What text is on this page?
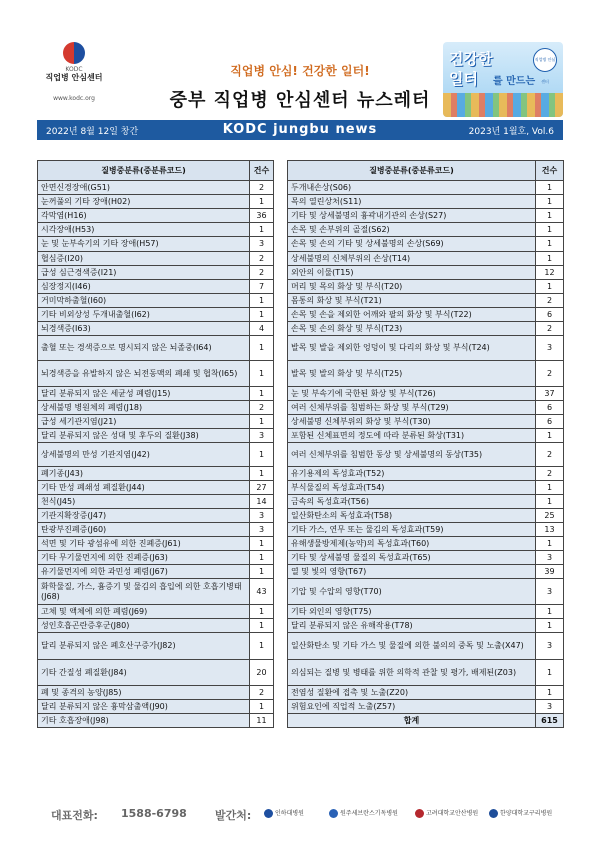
KODC
직업병 안심센터
www.kodc.org
직업병 안심! 건강한 일터!
중부 직업병 안심센터 뉴스레터
건강한
일터 를 만드는
직업병 안심센터
2022년 8월 12일 창간	KODC jungbu news	2023년 1월호, Vol.6
질병중분류(중분류코드)	건수		질병중분류(중분류코드)	건수
안면신경장애(G51)	2		두개내손상(S06)	1
눈꺼풀의 기타 장애(H02)	1		목의 열린상처(S11)	1
각막염(H16)	36		기타 및 상세불명의 흉곽내기관의 손상(S27)	1
시각장애(H53)	1		손목 및 손부위의 골절(S62)	1
눈 및 눈부속기의 기타 장애(H57)	3		손목 및 손의 기타 및 상세불명의 손상(S69)	1
협심증(I20)	2		상세불명의 신체부위의 손상(T14)	1
급성 심근경색증(I21)	2		외안의 이물(T15)	12
심장정지(I46)	7		머리 및 목의 화상 및 부식(T20)	1
거미막하출혈(I60)	1		몸통의 화상 및 부식(T21)	2
기타 비외상성 두개내출혈(I62)	1		손목 및 손을 제외한 어깨와 팔의 화상 및 부식(T22)	6
뇌경색증(I63)	4		손목 및 손의 화상 및 부식(T23)	2
출혈 또는 경색증으로 명시되지 않은 뇌졸중(I64)	1		발목 및 발을 제외한 엉덩이 및 다리의 화상 및 부식(T24)	3
뇌경색증을 유발하지 않은 뇌전동맥의 폐쇄 및 협착(I65)	1		발목 및 발의 화상 및 부식(T25)	2
달리 분류되지 않은 세균성 폐렴(J15)	1		눈 및 부속기에 국한된 화상 및 부식(T26)	37
상세불명 병원체의 폐렴(J18)	2		여러 신체부위를 침범하는 화상 및 부식(T29)	6
급성 세기관지염(J21)	1		상세불명 신체부위의 화상 및 부식(T30)	6
달리 분류되지 않은 성대 및 후두의 질환(J38)	3		포함된 신체표면의 정도에 따라 분류된 화상(T31)	1
상세불명의 만성 기관지염(J42)	1		여러 신체부위를 침범한 동상 및 상세불명의 동상(T35)	2
폐기종(J43)	1		유기용제의 독성효과(T52)	2
기타 만성 폐쇄성 폐질환(J44)	27		부식물질의 독성효과(T54)	1
천식(J45)	14		금속의 독성효과(T56)	1
기관지확장증(J47)	3		일산화탄소의 독성효과(T58)	25
탄광부진폐증(J60)	3		기타 가스, 연무 또는 물김의 독성효과(T59)	13
석면 및 기타 광섬유에 의한 진폐증(J61)	1		유해생물방제제(농약)의 독성효과(T60)	1
기타 무기물먼지에 의한 진폐증(J63)	1		기타 및 상세불명 물질의 독성효과(T65)	3
유기물먼지에 의한 과민성 폐렴(J67)	1		열 및 빛의 영향(T67)	39
화학물질, 가스, 흄증기 및 물김의 흡입에 의한 호흡기병태(J68)	43		기압 및 수압의 영향(T70)	3
고체 및 액체에 의한 폐렴(J69)	1		기타 외인의 영향(T75)	1
성인호흡곤란증후군(J80)	1		달리 분류되지 않은 유해작용(T78)	1
달리 분류되지 않은 폐호산구증가(J82)	1		일산화탄소 및 기타 가스 및 물질에 의한 불의의 중독 및 노출(X47)	3
기타 간질성 폐질환(J84)	20		의심되는 질병 및 병태를 위한 의학적 관찰 및 평가, 배제된(Z03)	1
폐 및 종격의 농양(J85)	2		전염성 질환에 접촉 및 노출(Z20)	1
달리 분류되지 않은 흉막삼출액(J90)	1		위험요인에 직업적 노출(Z57)	3
기타 호흡장애(J98)	11		합계	615
대표전화: 1588-6798	발간처:	인하대병원	원주세브란스기독병원	고려대학교안산병원	한양대학교구리병원
